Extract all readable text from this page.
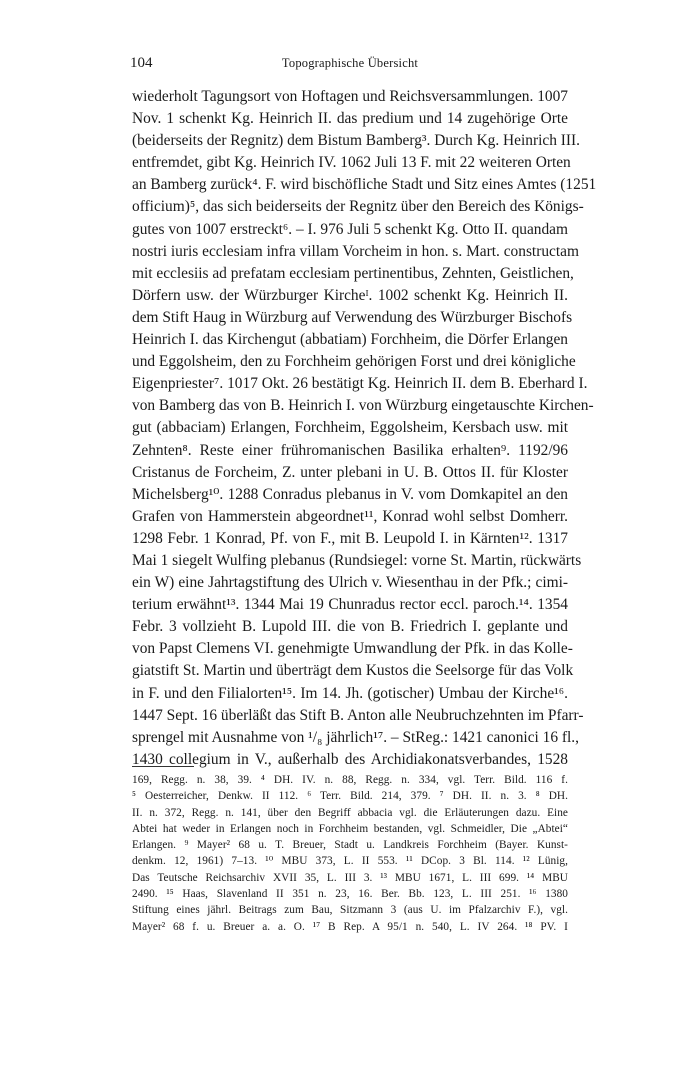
104	Topographische Übersicht
wiederholt Tagungsort von Hoftagen und Reichsversammlungen. 1007
Nov. 1 schenkt Kg. Heinrich II. das predium und 14 zugehörige Orte
(beiderseits der Regnitz) dem Bistum Bamberg³. Durch Kg. Heinrich III.
entfremdet, gibt Kg. Heinrich IV. 1062 Juli 13 F. mit 22 weiteren Orten
an Bamberg zurück⁴. F. wird bischöfliche Stadt und Sitz eines Amtes (1251
officium)⁵, das sich beiderseits der Regnitz über den Bereich des Königs-
gutes von 1007 erstreckt⁶. – I. 976 Juli 5 schenkt Kg. Otto II. quandam
nostri iuris ecclesiam infra villam Vorcheim in hon. s. Mart. constructam
mit ecclesiis ad prefatam ecclesiam pertinentibus, Zehnten, Geistlichen,
Dörfern usw. der Würzburger Kircheᴵ. 1002 schenkt Kg. Heinrich II.
dem Stift Haug in Würzburg auf Verwendung des Würzburger Bischofs
Heinrich I. das Kirchengut (abbatiam) Forchheim, die Dörfer Erlangen
und Eggolsheim, den zu Forchheim gehörigen Forst und drei königliche
Eigenpriester⁷. 1017 Okt. 26 bestätigt Kg. Heinrich II. dem B. Eberhard I.
von Bamberg das von B. Heinrich I. von Würzburg eingetauschte Kirchen-
gut (abbaciam) Erlangen, Forchheim, Eggolsheim, Kersbach usw. mit
Zehnten⁸. Reste einer frühromanischen Basilika erhalten⁹. 1192/96
Cristanus de Forcheim, Z. unter plebani in U. B. Ottos II. für Kloster
Michelsberg¹⁰. 1288 Conradus plebanus in V. vom Domkapitel an den
Grafen von Hammerstein abgeordnet¹¹, Konrad wohl selbst Domherr.
1298 Febr. 1 Konrad, Pf. von F., mit B. Leupold I. in Kärnten¹². 1317
Mai 1 siegelt Wulfing plebanus (Rundsiegel: vorne St. Martin, rückwärts
ein W) eine Jahrtagstiftung des Ulrich v. Wiesenthau in der Pfk.; cimi-
terium erwähnt¹³. 1344 Mai 19 Chunradus rector eccl. paroch.¹⁴. 1354
Febr. 3 vollzieht B. Lupold III. die von B. Friedrich I. geplante und
von Papst Clemens VI. genehmigte Umwandlung der Pfk. in das Kolle-
giatstift St. Martin und überträgt dem Kustos die Seelsorge für das Volk
in F. und den Filialorten¹⁵. Im 14. Jh. (gotischer) Umbau der Kirche¹⁶.
1447 Sept. 16 überläßt das Stift B. Anton alle Neubruchzehnten im Pfarr-
sprengel mit Ausnahme von ¹/₈ jährlich¹⁷. – StReg.: 1421 canonici 16 fl.,
1430 collegium in V., außerhalb des Archidiakonatsverbandes, 1528
169, Regg. n. 38, 39. ⁴ DH. IV. n. 88, Regg. n. 334, vgl. Terr. Bild. 116 f.
⁵ Oesterreicher, Denkw. II 112. ⁶ Terr. Bild. 214, 379. ⁷ DH. II. n. 3. ⁸ DH.
II. n. 372, Regg. n. 141, über den Begriff abbacia vgl. die Erläuterungen dazu. Eine
Abtei hat weder in Erlangen noch in Forchheim bestanden, vgl. Schmeidler, Die „Abtei“
Erlangen. ⁹ Mayer² 68 u. T. Breuer, Stadt u. Landkreis Forchheim (Bayer. Kunst-
denkm. 12, 1961) 7–13. ¹⁰ MBU 373, L. II 553. ¹¹ DCop. 3 Bl. 114. ¹² Lünig,
Das Teutsche Reichsarchiv XVII 35, L. III 3. ¹³ MBU 1671, L. III 699. ¹⁴ MBU
2490. ¹⁵ Haas, Slavenland II 351 n. 23, 16. Ber. Bb. 123, L. III 251. ¹⁶ 1380
Stiftung eines jährl. Beitrags zum Bau, Sitzmann 3 (aus U. im Pfalzarchiv F.), vgl.
Mayer² 68 f. u. Breuer a. a. O. ¹⁷ B Rep. A 95/1 n. 540, L. IV 264. ¹⁸ PV. I
